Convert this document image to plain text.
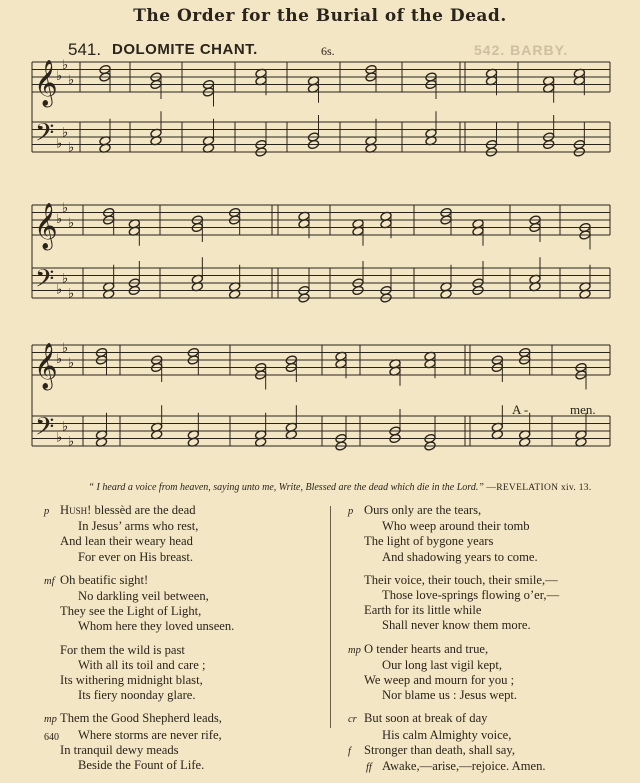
The Order for the Burial of the Dead.
541. DOLOMITE CHANT.	6s.	542. BARBY.
𝄞
𝄢
♭
♭
♭
♭
♭
♭
𝄞
𝄢
♭
♭
♭
♭
♭
♭
𝄞
𝄢
♭
♭
♭
♭
♭
♭
A -	men.
“ I heard a voice from heaven, saying unto me, Write, Blessed are the dead which die in the Lord.” —REVELATION xiv. 13.
p Hush! blessèd are the dead
In Jesus’ arms who rest,
And lean their weary head
For ever on His breast.
mf Oh beatific sight!
No darkling veil between,
They see the Light of Light,
Whom here they loved unseen.
For them the wild is past
With all its toil and care ;
Its withering midnight blast,
Its fiery noonday glare.
mp Them the Good Shepherd leads,
Where storms are never rife,
In tranquil dewy meads
Beside the Fount of Life.
p Ours only are the tears,
Who weep around their tomb
The light of bygone years
And shadowing years to come.
Their voice, their touch, their smile,—
Those love-springs flowing o’er,—
Earth for its little while
Shall never know them more.
mp O tender hearts and true,
Our long last vigil kept,
We weep and mourn for you ;
Nor blame us : Jesus wept.
cr But soon at break of day
His calm Almighty voice,
f Stronger than death, shall say,
ff Awake,—arise,—rejoice. Amen.
640
